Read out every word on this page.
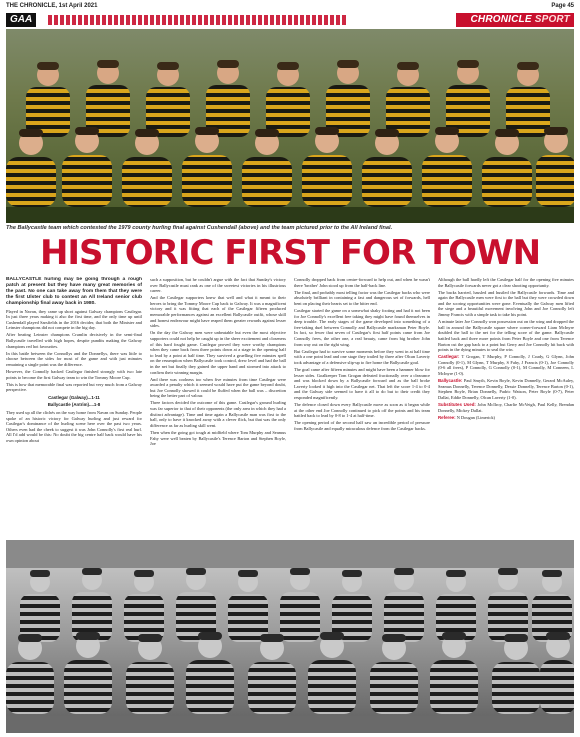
THE CHRONICLE, 1st April 2021	Page 45
GAA	CHRONICLE SPORT
The Ballycastle team which contested the 1979 county hurling final against Cushendall (above) and the team pictured prior to the All Ireland final.
HISTORIC FIRST FOR TOWN

BALLYCASTLE hurling may be going through a rough patch at present but they have many great memories of the past. No one can take away from them that they were the first Ulster club to contest an All Ireland senior club championship final away back in 1980.

Played in Navan, they came up short against Galway champions Castlegar. In just three years making it also the first time, and the only time up until Cushendall played Sarsfields in the 2016 decider, that both the Minister and Leinster champions did not compete in the big day.

After beating Leinster champions Crumlin decisively in the semi-final Ballycastle travelled with high hopes, despite pundits making the Galway champions red hot favourites.

In this battle between the Connollys and the Donnellys, there was little to choose between the sides for most of the game and with just minutes remaining a single point was the difference.

However, the Connolly backed Castlegar finished strongly with two late points to become the first Galway team to win the Tommy Moore Cup.

This is how that memorable final was reported but very much from a Galway perspective.

Castlegar (Galway)...1-11
Ballycastle (Antrim)....1-8

They used up all the clichés on the way home from Navan on Sunday. People spoke of an historic victory for Galway hurling and just reward for Castlegar's dominance of the hurling scene here over the past two years. Others even had the cheek to suggest it was John Connolly's first real hurl. All I'd add would be this: No doubt the big centre half back would have his own opinion about

such a supposition, but he couldn't argue with the fact that Sunday's victory over Ballycastle must rank as one of the sweetest victories in his illustrious career.

And the Castlegar supporters knew that well and what it meant to their heroes to bring the Tommy Moore Cup back to Galway. It was a magnificent victory and it was fitting that each of the Castlegar fifteen produced memorable performances against an excellent Ballycastle outfit, whose skill and honest endeavour might have reaped them greater rewards against lesser sides.

On the day the Galway men were unbeatable but even the most objective supporters could not help be caught up in the sheer excitement and closeness of this hard fought game. Castlegar proved they were worthy champions when they came back from three points down at a stage in the opening half to lead by a point at half time. They survived a gruelling five minutes spell on the resumption when Ballycastle took control, drew level and had the ball in the net but finally they gained the upper hand and stormed into attack to confirm their winning margin.

And there was coolness too when five minutes from time Castlegar were awarded a penalty which it seemed would have put the game beyond doubt, but Joe Connolly showed it could be fluffed when the ball was – discretion being the better part of valour.

Three factors decided the outcome of this game. Castlegar's ground hurling was far superior to that of their opponents (the only area in which they had a distinct advantage). Time and time again a Ballycastle man was first to the ball, only to have it knocked away with a clever flick, but that was the only difference as far as hurling skill went.

Then when the going got tough at midfield where Tom Murphy and Seamus Fahy were well beaten by Ballycastle's Terence Barton and Stephen Boyle, Joe

Connolly dropped back from centre-forward to help out, and when he wasn't there 'brother' John stood up from the half-back line.

The final, and probably most telling factor was the Castlegar backs who were absolutely brilliant in containing a fast and dangerous set of forwards, hell bent on placing their hearts set to the bitter end.

Castlegar started the game on a somewhat shaky footing and had it not been for Joe Connolly's excellent free taking they might have found themselves in deep trouble. The early stages of the game developed into something of a free-taking duel between Connolly and Ballycastle marksman Peter Boyle. In fact, so fewer that seven of Castlegar's first half points came from Joe Connolly frees, the other one, a real beauty, came from big brother John from way out on the right wing.

But Castlegar had to survive some moments before they went in at half time with a one point lead and one stage they trailed by three after Olcan Laverty took advantage of a defensive slip-up to fire home the Ballycastle goal.

The goal came after fifteen minutes and might have been a hammer blow for lesser sides. Goalkeeper Tom Grogan defeated fractionally over a clearance and was blocked down by a Ballycastle forward and as the ball broke Laverty looked it high into the Castlegar net. That left the score 1-4 to 0-4 and the Galway side seemed to have it all to do but to their credit they responded magnificently.

The defence closed down every Ballycastle move as soon as it began while at the other end Joe Connolly continued to pick off the points and his team battled back to lead by 0-8 to 1-4 at half-time.

The opening period of the second half saw an incredible period of pressure from Ballycastle and equally miraculous defence from the Castlegar backs.

Although the ball hardly left the Castlegar half for the opening five minutes the Ballycastle forwards never got a clear shooting opportunity.

The backs harried, hassled and hustled the Ballycastle forwards. Time and again the Ballycastle men were first to the ball but they were crowded down and the scoring opportunities were gone. Eventually the Galway men lifted the siege and a beautiful movement involving John and Joe Connolly left Jimmy Francis with a simple task to take his point.

A minute later Joe Connolly won possession out on the wing and dropped the ball in around the Ballycastle square where corner-forward Liam McInyre doubled the ball to the net for the telling score of the game. Ballycastle battled back and three more points from Peter Boyle and one from Terence Barton cut the gap back to a point but Gerry and Joe Connolly hit back with points in the dying minutes to seal the win.

Castlegar: T Grogan, T Murphy, P Connolly, J Coady, G Glynn, John Connolly (0-1), M Glynn, T Murphy, S Fahy, J Francis (0-1), Joe Connolly (0-6 all frees), P Connolly, G Connolly (0-1), M Connolly, M Conneen, L McInyre (1-0).

Ballycastle: Paul Smyth, Kevin Boyle, Kevin Donnelly, Gerard McAuley, Seamus Donnelly, Terence Donnelly, Dessie Donnelly, Terence Barton (0-1), Stephen Boyle, Brian Donnelly, Padric Watson, Peter Boyle (0-7), Peter Dallat, Eddie Donnelly, Olcan Laverty (1-0).

Substitutes Used: John McIlroy, Charlie McVeigh, Paul Kelly, Brendan Donnelly, Mickey Dallat.

Referee: N Dougan (Limerick)
